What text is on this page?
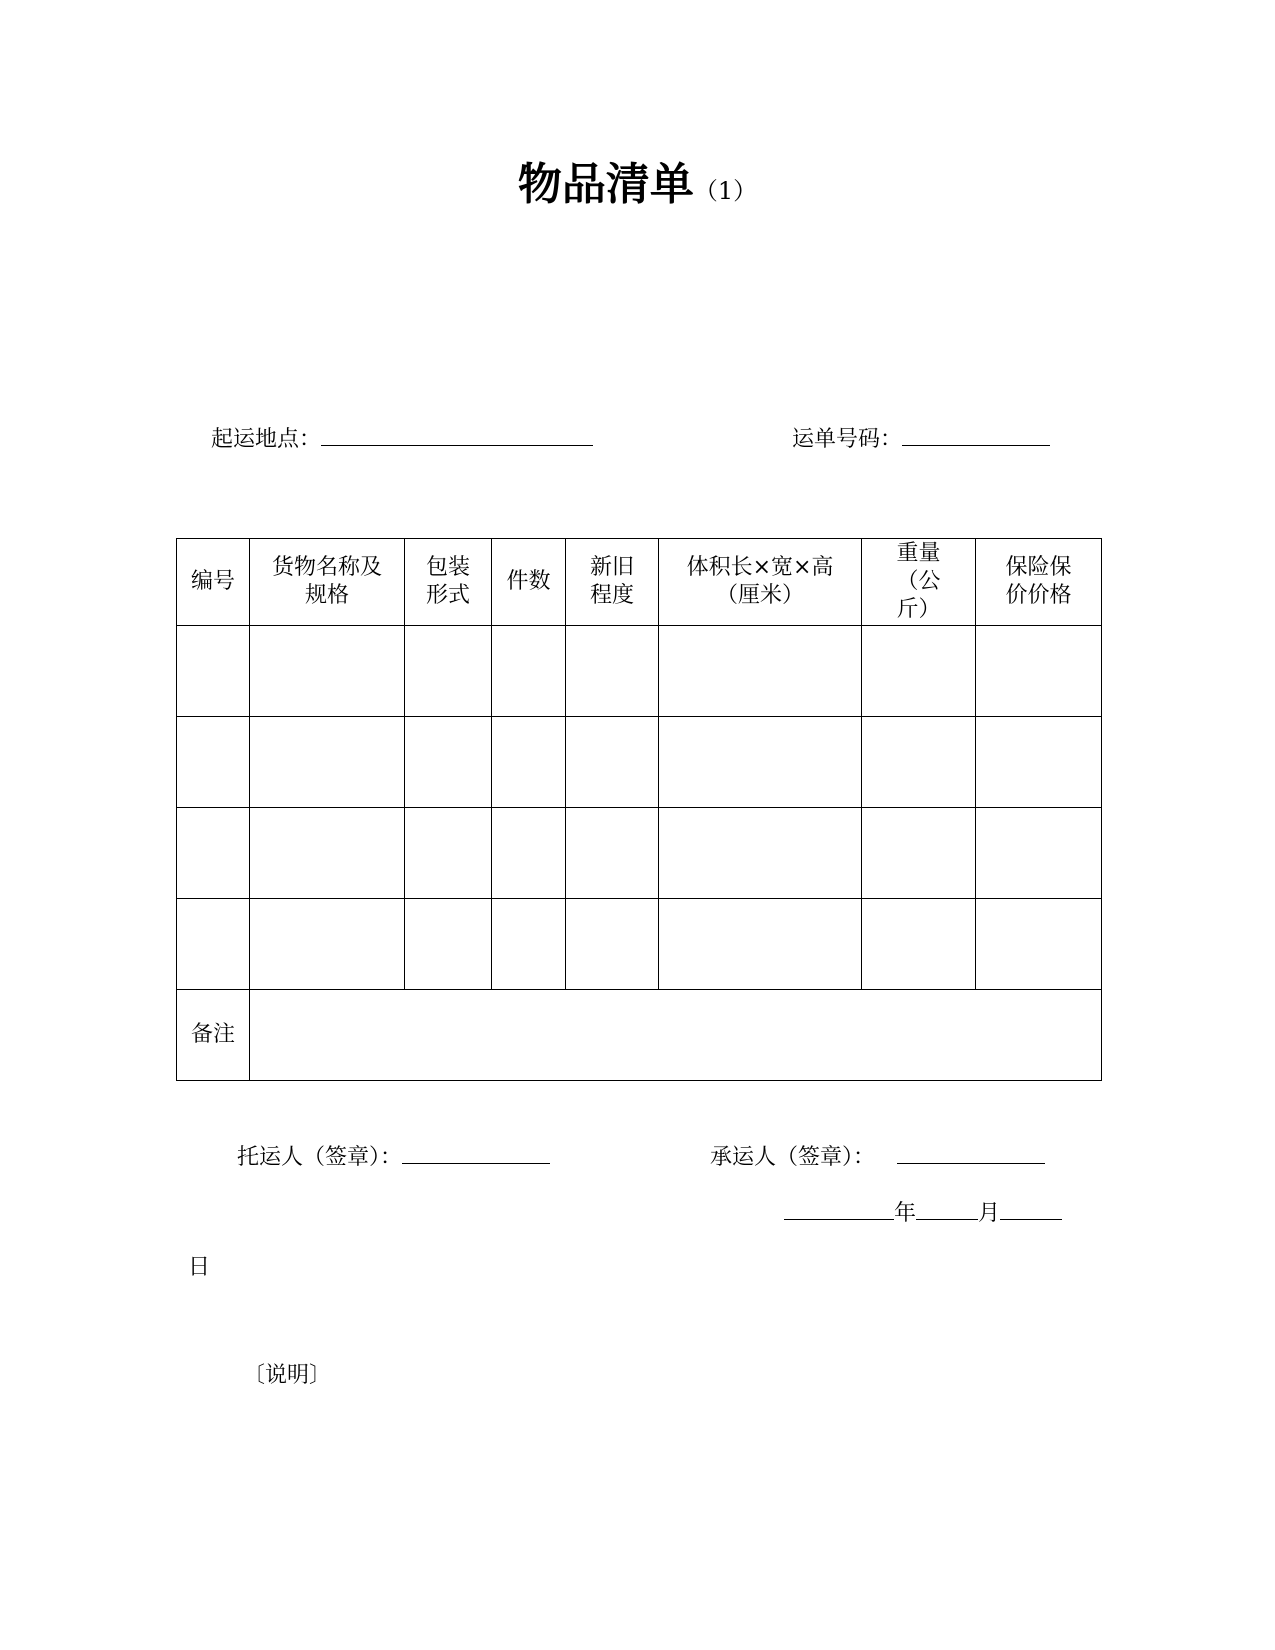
物品清单（1）
起运地点：	运单号码：
编号	货物名称及规格	包装形式	件数	新旧程度	体积长×宽×高（厘米）	重量（公斤）	保险保价价格

备注							
托运人（签章）：	承运人（签章）：
年	月
日
〔说明〕
